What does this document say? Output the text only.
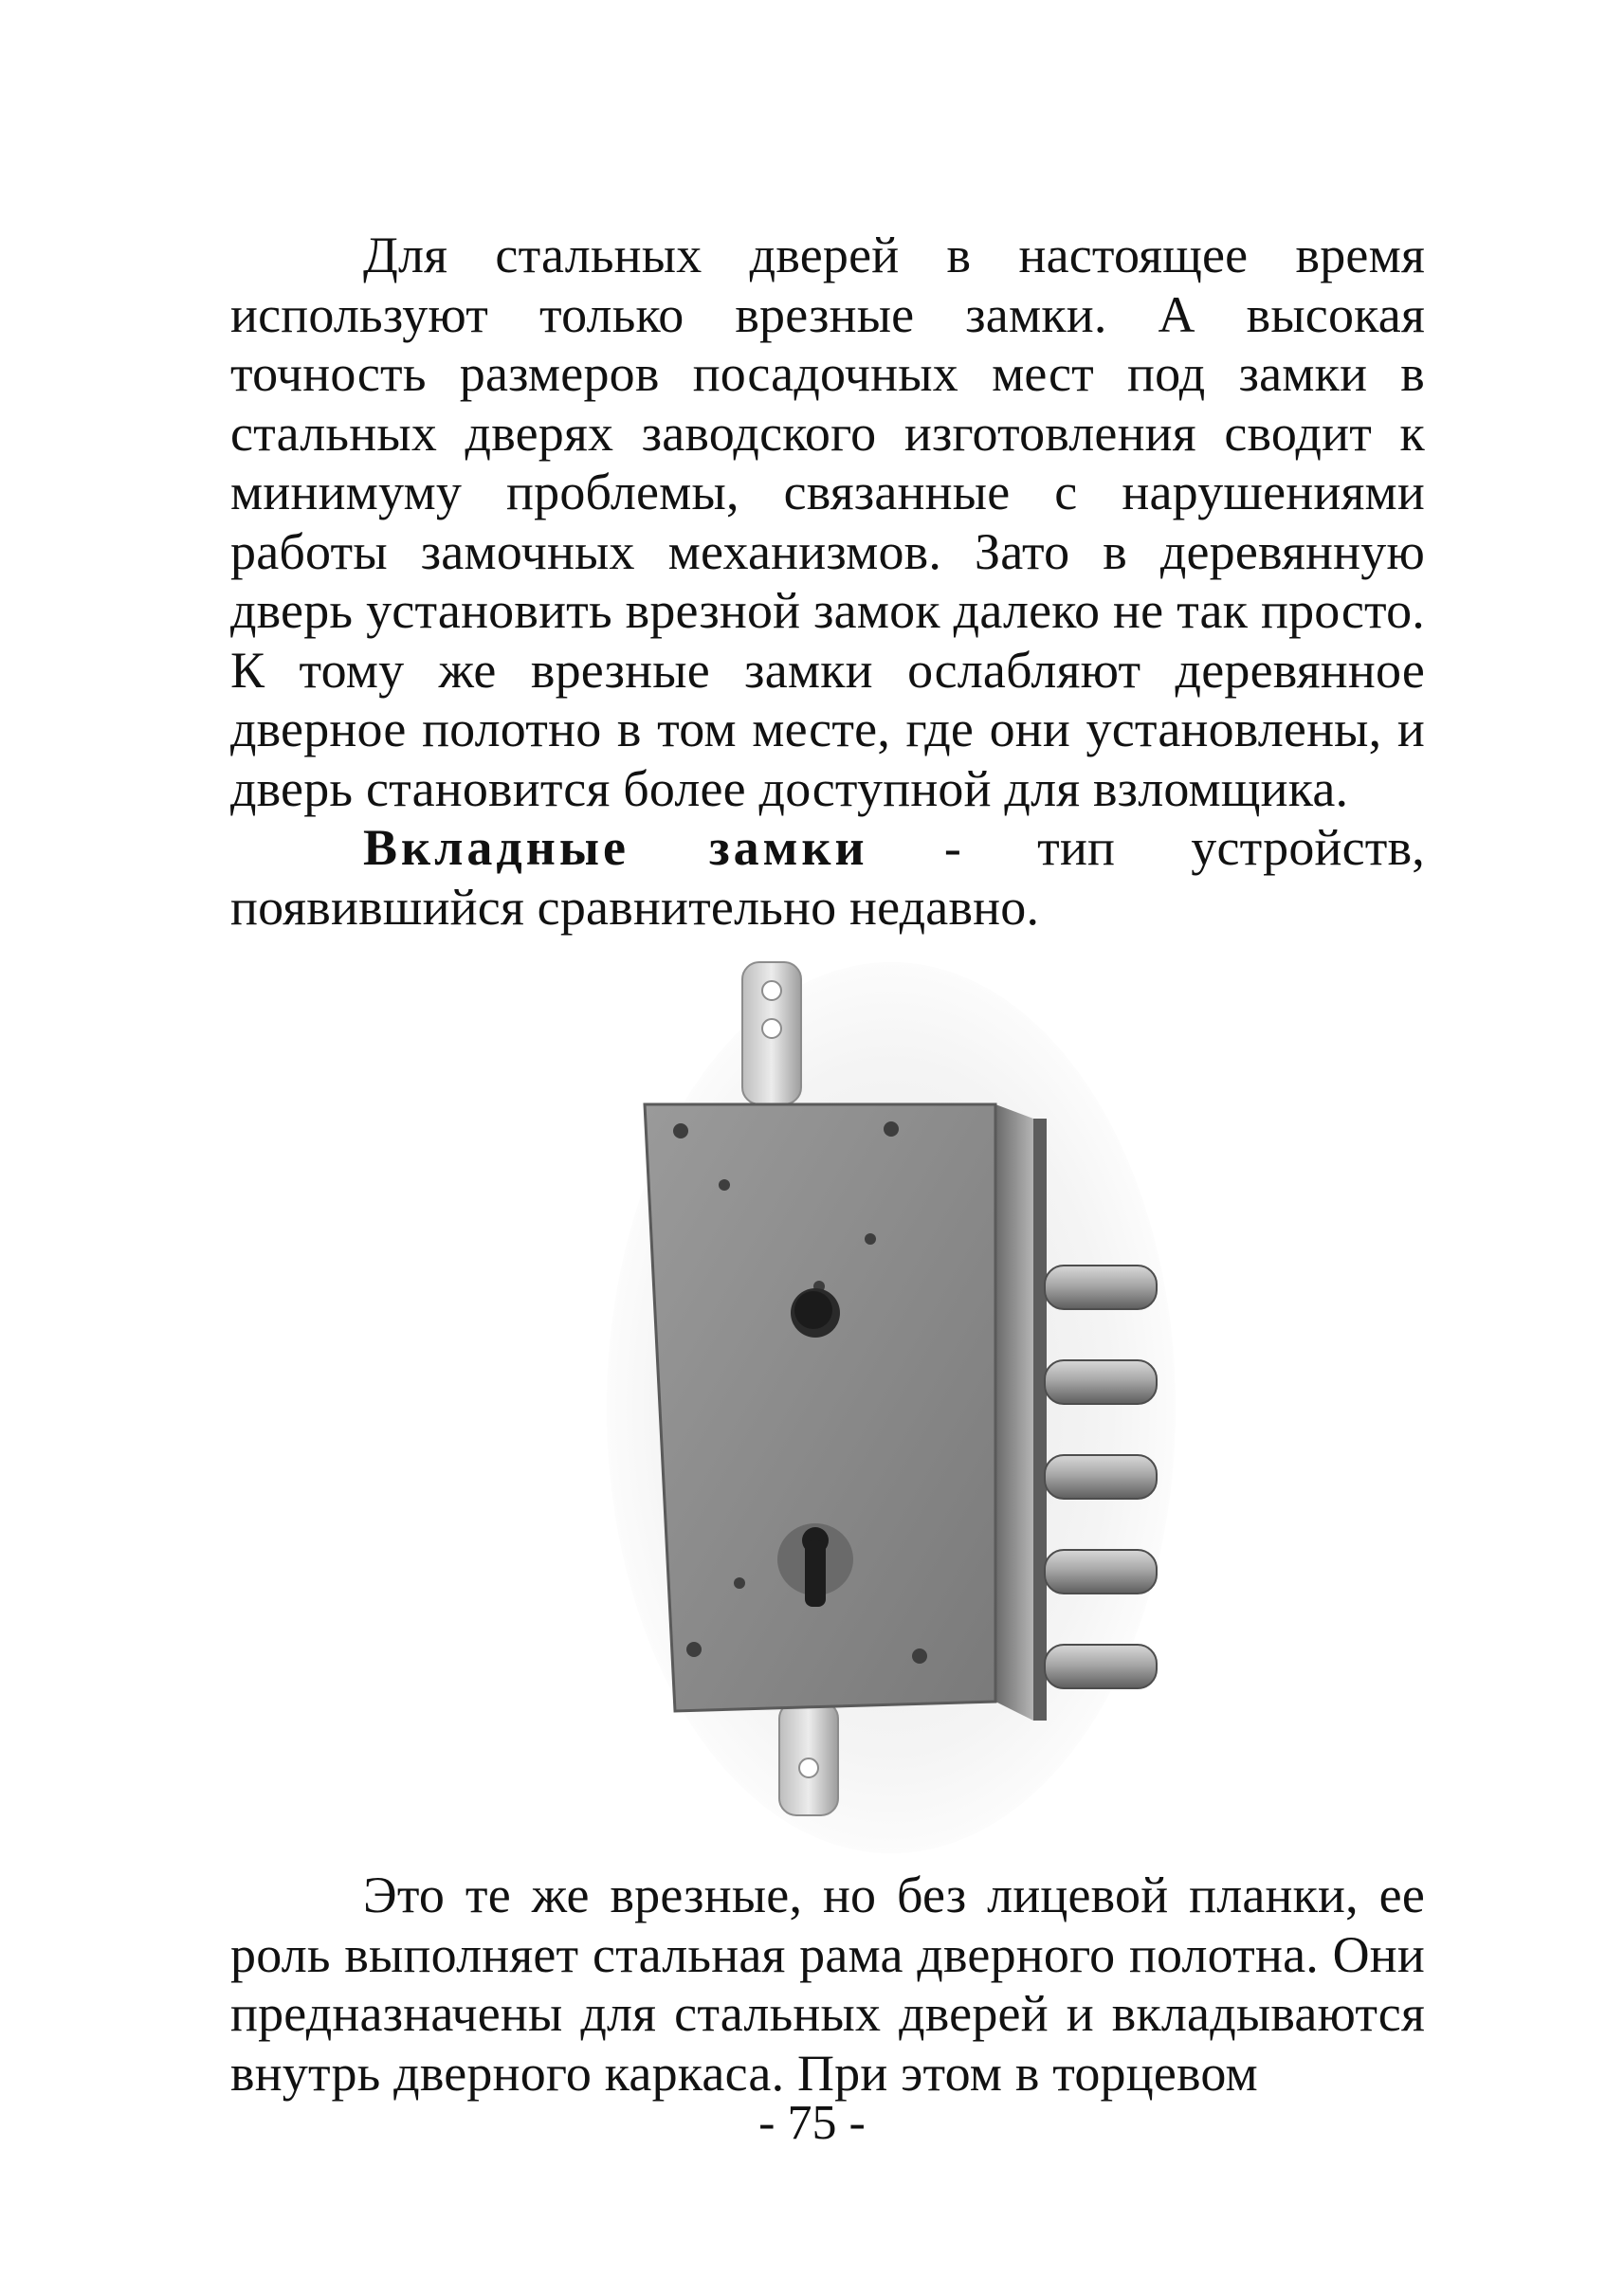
Для стальных дверей в настоящее время используют только врезные замки. А высокая точность размеров посадочных мест под замки в стальных дверях заводского изготовления сводит к минимуму проблемы, связанные с нарушениями работы замочных механизмов. Зато в деревянную дверь установить врезной замок далеко не так просто. К тому же врезные замки ослабляют деревянное дверное полотно в том месте, где они установлены, и дверь становится более доступной для взломщика.

Вкладные замки - тип устройств, появившийся сравнительно недавно.

Это те же врезные, но без лицевой планки, ее роль выполняет стальная рама дверного полотна. Они предназначены для стальных дверей и вкладываются внутрь дверного каркаса. При этом в торцевом

- 75 -
